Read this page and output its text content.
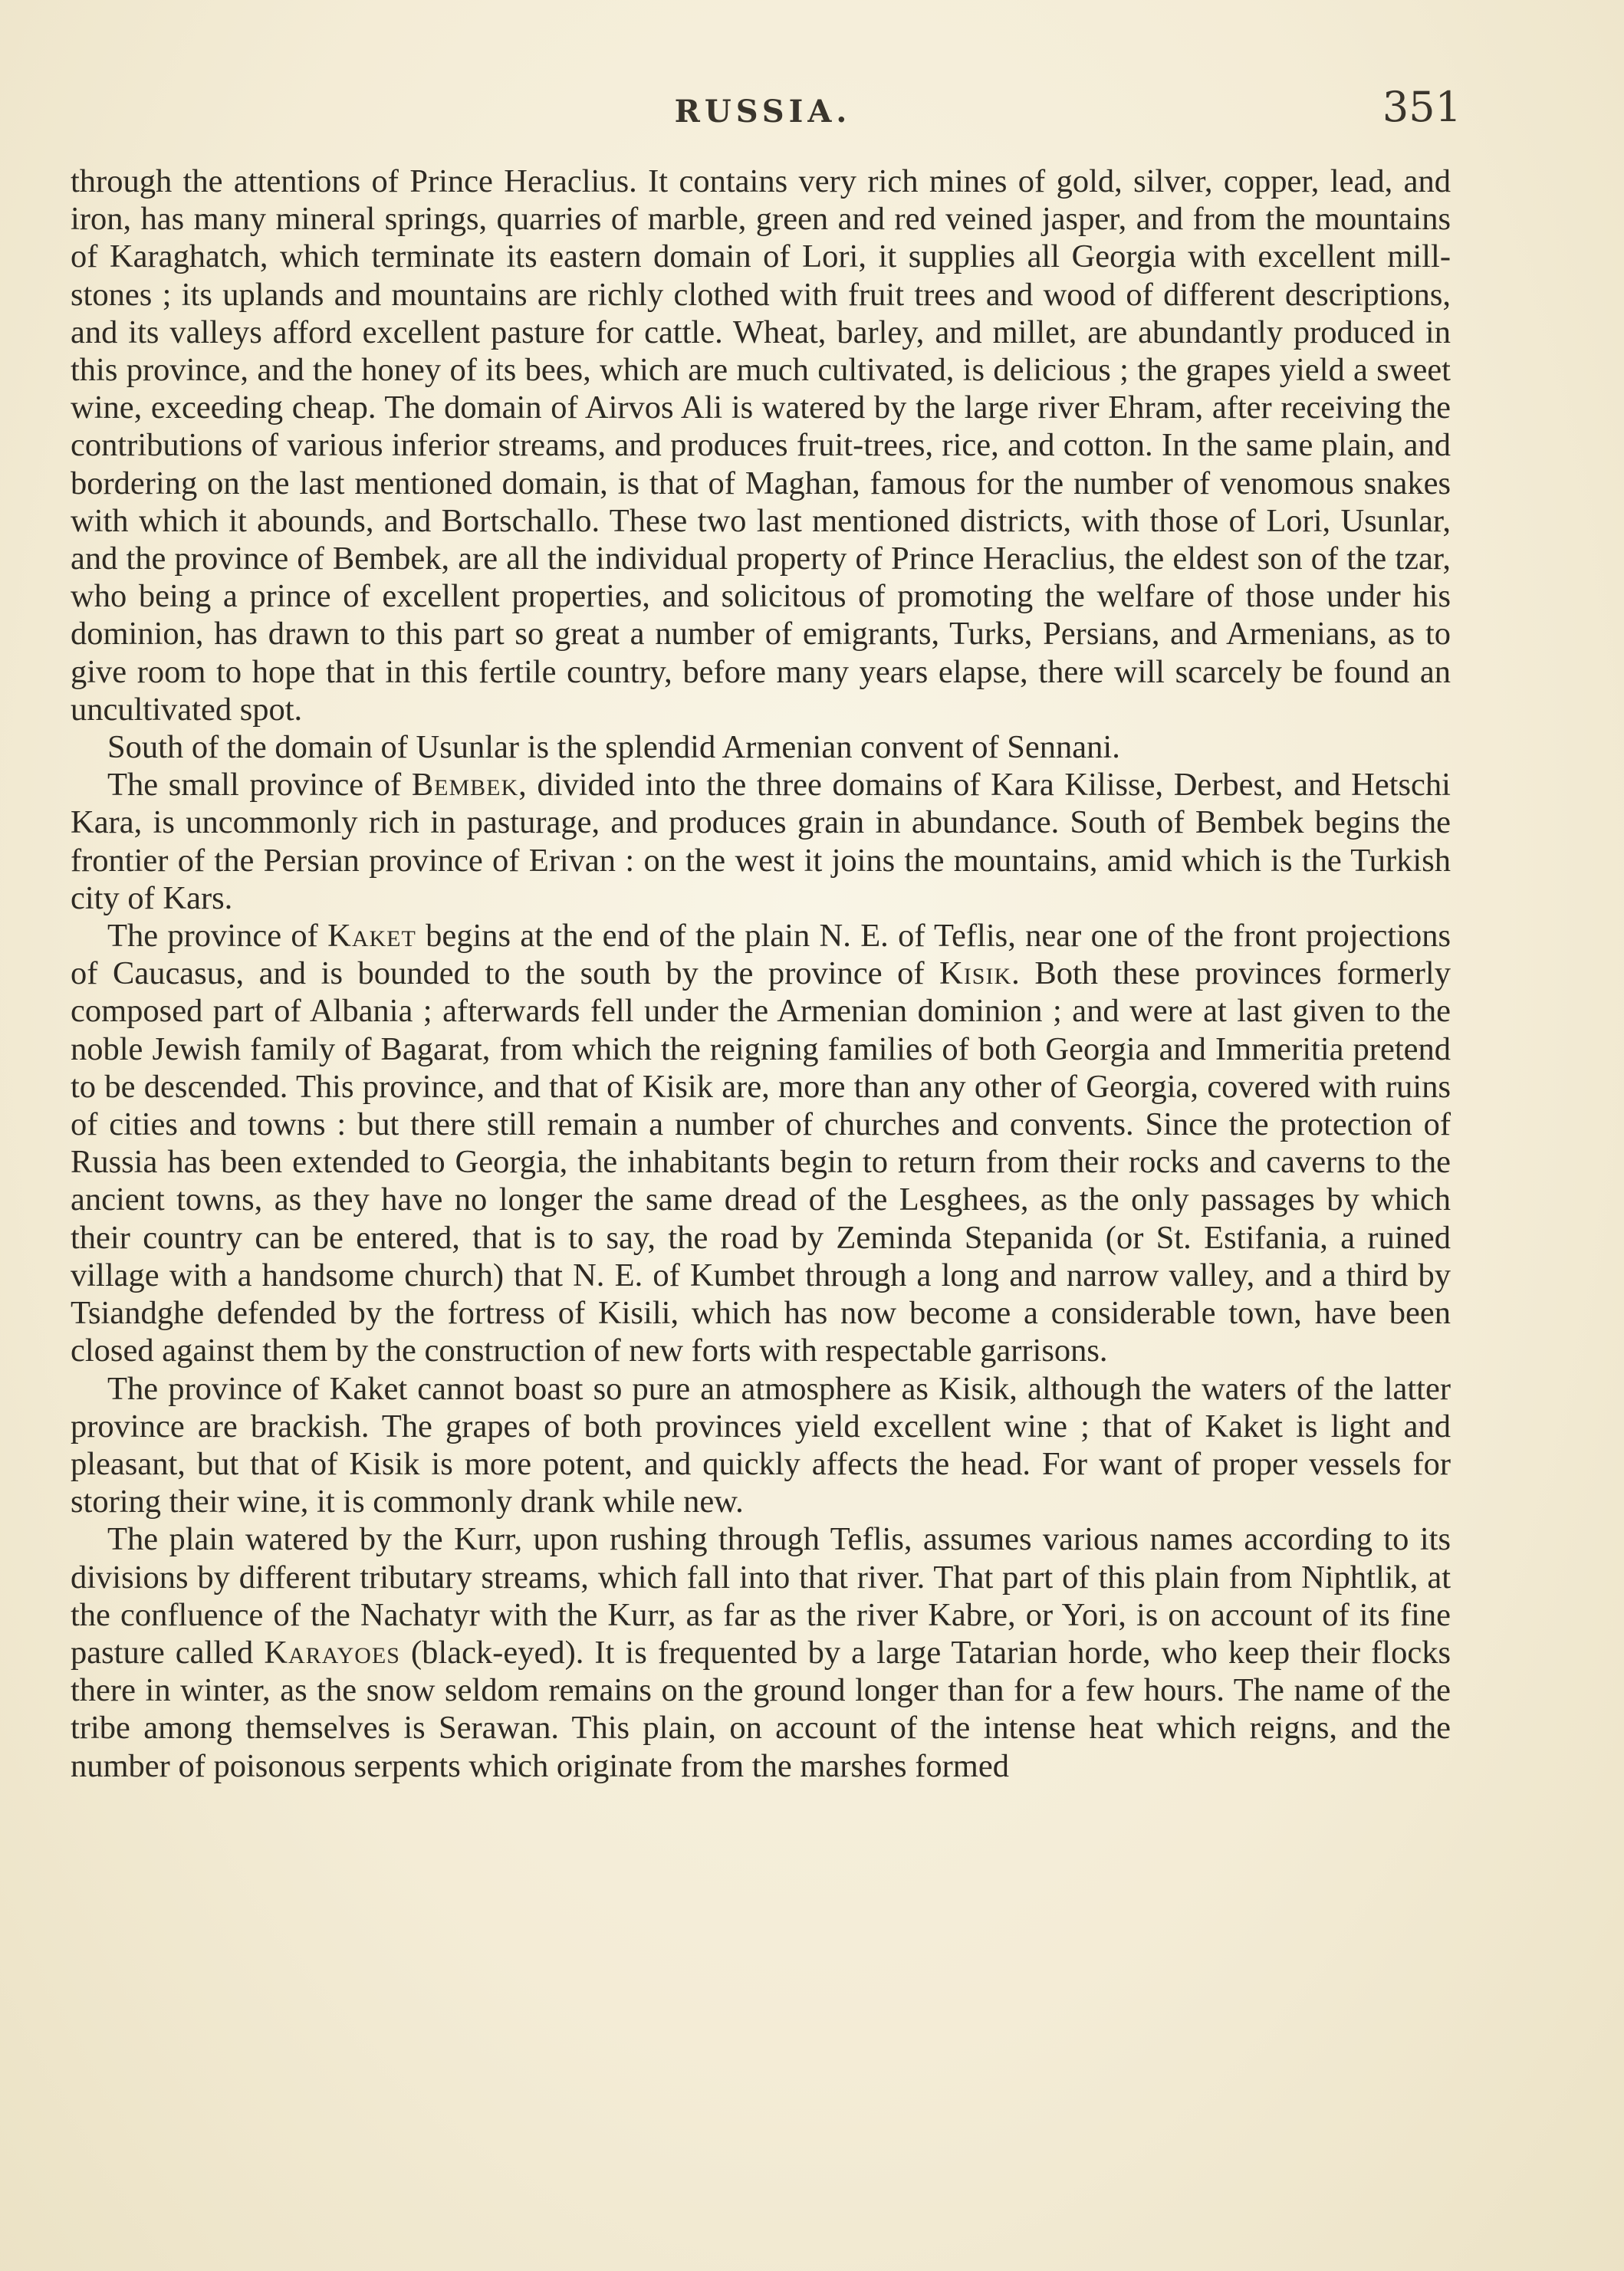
RUSSIA.	351

through the attentions of Prince Heraclius. It contains very rich mines of gold, silver, copper, lead, and iron, has many mineral springs, quarries of marble, green and red veined jasper, and from the mountains of Karaghatch, which terminate its eastern domain of Lori, it supplies all Georgia with excellent mill-stones ; its uplands and mountains are richly clothed with fruit trees and wood of different descriptions, and its valleys afford excellent pasture for cattle. Wheat, barley, and millet, are abundantly produced in this province, and the honey of its bees, which are much cultivated, is delicious ; the grapes yield a sweet wine, exceeding cheap. The domain of Airvos Ali is watered by the large river Ehram, after receiving the contributions of various inferior streams, and produces fruit-trees, rice, and cotton. In the same plain, and bordering on the last mentioned domain, is that of Maghan, famous for the number of venomous snakes with which it abounds, and Bortschallo. These two last mentioned districts, with those of Lori, Usunlar, and the province of Bembek, are all the individual property of Prince Heraclius, the eldest son of the tzar, who being a prince of excellent properties, and solicitous of promoting the welfare of those under his dominion, has drawn to this part so great a number of emigrants, Turks, Persians, and Armenians, as to give room to hope that in this fertile country, before many years elapse, there will scarcely be found an uncultivated spot.

South of the domain of Usunlar is the splendid Armenian convent of Sennani.

The small province of Bembek, divided into the three domains of Kara Kilisse, Derbest, and Hetschi Kara, is uncommonly rich in pasturage, and produces grain in abundance. South of Bembek begins the frontier of the Persian province of Erivan : on the west it joins the mountains, amid which is the Turkish city of Kars.

The province of Kaket begins at the end of the plain N. E. of Teflis, near one of the front projections of Caucasus, and is bounded to the south by the province of Kisik. Both these provinces formerly composed part of Albania ; afterwards fell under the Armenian dominion ; and were at last given to the noble Jewish family of Bagarat, from which the reigning families of both Georgia and Immeritia pretend to be descended. This province, and that of Kisik are, more than any other of Georgia, covered with ruins of cities and towns : but there still remain a number of churches and convents. Since the protection of Russia has been extended to Georgia, the inhabitants begin to return from their rocks and caverns to the ancient towns, as they have no longer the same dread of the Lesghees, as the only passages by which their country can be entered, that is to say, the road by Zeminda Stepanida (or St. Estifania, a ruined village with a handsome church) that N. E. of Kumbet through a long and narrow valley, and a third by Tsiandghe defended by the fortress of Kisili, which has now become a considerable town, have been closed against them by the construction of new forts with respectable garrisons.

The province of Kaket cannot boast so pure an atmosphere as Kisik, although the waters of the latter province are brackish. The grapes of both provinces yield excellent wine ; that of Kaket is light and pleasant, but that of Kisik is more potent, and quickly affects the head. For want of proper vessels for storing their wine, it is commonly drank while new.

The plain watered by the Kurr, upon rushing through Teflis, assumes various names according to its divisions by different tributary streams, which fall into that river. That part of this plain from Niphtlik, at the confluence of the Nachatyr with the Kurr, as far as the river Kabre, or Yori, is on account of its fine pasture called Karayoes (black-eyed). It is frequented by a large Tatarian horde, who keep their flocks there in winter, as the snow seldom remains on the ground longer than for a few hours. The name of the tribe among themselves is Serawan. This plain, on account of the intense heat which reigns, and the number of poisonous serpents which originate from the marshes formed
